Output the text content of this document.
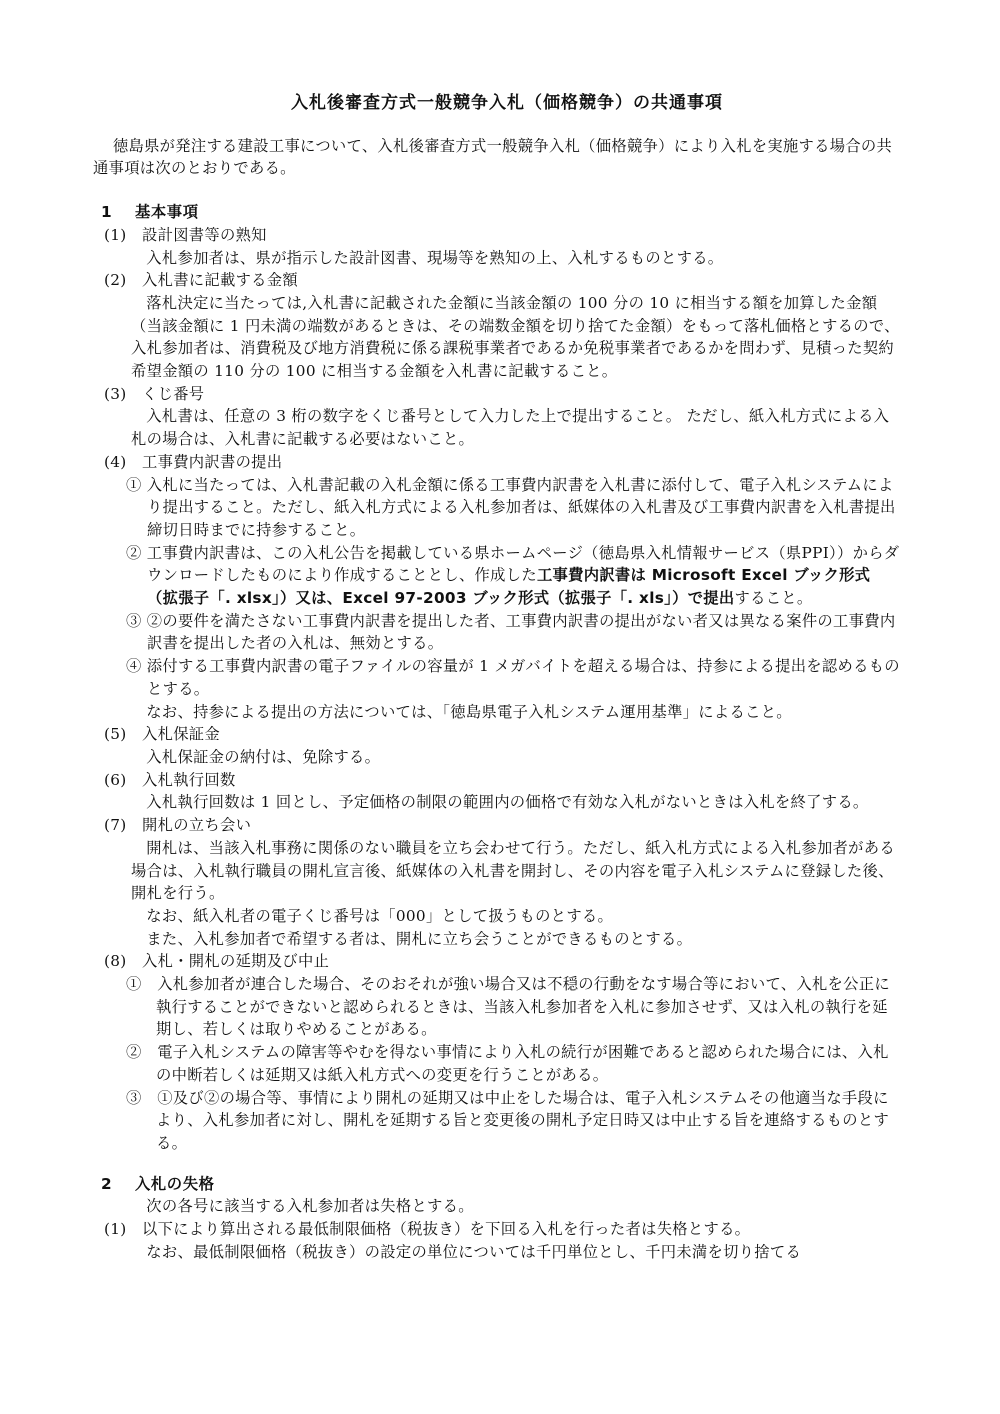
入札後審査方式一般競争入札（価格競争）の共通事項
徳島県が発注する建設工事について、入札後審査方式一般競争入札（価格競争）により入札を実施する場合の共通事項は次のとおりである。
1 基本事項
(1) 設計図書等の熟知
入札参加者は、県が指示した設計図書、現場等を熟知の上、入札するものとする。
(2) 入札書に記載する金額
落札決定に当たっては,入札書に記載された金額に当該金額の 100 分の 10 に相当する額を加算した金額（当該金額に 1 円未満の端数があるときは、その端数金額を切り捨てた金額）をもって落札価格とするので、入札参加者は、消費税及び地方消費税に係る課税事業者であるか免税事業者であるかを問わず、見積った契約希望金額の 110 分の 100 に相当する金額を入札書に記載すること。
(3) くじ番号
入札書は、任意の 3 桁の数字をくじ番号として入力した上で提出すること。 ただし、紙入札方式による入札の場合は、入札書に記載する必要はないこと。
(4) 工事費内訳書の提出
① 入札に当たっては、入札書記載の入札金額に係る工事費内訳書を入札書に添付して、電子入札システムにより提出すること。ただし、紙入札方式による入札参加者は、紙媒体の入札書及び工事費内訳書を入札書提出締切日時までに持参すること。
② 工事費内訳書は、この入札公告を掲載している県ホームページ（徳島県入札情報サービス（県PPI））からダウンロードしたものにより作成することとし、作成した工事費内訳書は Microsoft Excel ブック形式（拡張子「. xlsx」）又は、Excel 97-2003 ブック形式（拡張子「. xls」）で提出すること。
③ ②の要件を満たさない工事費内訳書を提出した者、工事費内訳書の提出がない者又は異なる案件の工事費内訳書を提出した者の入札は、無効とする。
④ 添付する工事費内訳書の電子ファイルの容量が 1 メガバイトを超える場合は、持参による提出を認めるものとする。
なお、持参による提出の方法については、「徳島県電子入札システム運用基準」によること。
(5) 入札保証金
入札保証金の納付は、免除する。
(6) 入札執行回数
入札執行回数は 1 回とし、予定価格の制限の範囲内の価格で有効な入札がないときは入札を終了する。
(7) 開札の立ち会い
開札は、当該入札事務に関係のない職員を立ち会わせて行う。ただし、紙入札方式による入札参加者がある場合は、入札執行職員の開札宣言後、紙媒体の入札書を開封し、その内容を電子入札システムに登録した後、開札を行う。
なお、紙入札者の電子くじ番号は「000」として扱うものとする。
また、入札参加者で希望する者は、開札に立ち会うことができるものとする。
(8) 入札・開札の延期及び中止
①　入札参加者が連合した場合、そのおそれが強い場合又は不穏の行動をなす場合等において、入札を公正に執行することができないと認められるときは、当該入札参加者を入札に参加させず、又は入札の執行を延期し、若しくは取りやめることがある。
②　電子入札システムの障害等やむを得ない事情により入札の続行が困難であると認められた場合には、入札の中断若しくは延期又は紙入札方式への変更を行うことがある。
③　①及び②の場合等、事情により開札の延期又は中止をした場合は、電子入札システムその他適当な手段により、入札参加者に対し、開札を延期する旨と変更後の開札予定日時又は中止する旨を連絡するものとする。
2 入札の失格
次の各号に該当する入札参加者は失格とする。
(1) 以下により算出される最低制限価格（税抜き）を下回る入札を行った者は失格とする。
なお、最低制限価格（税抜き）の設定の単位については千円単位とし、千円未満を切り捨てる
